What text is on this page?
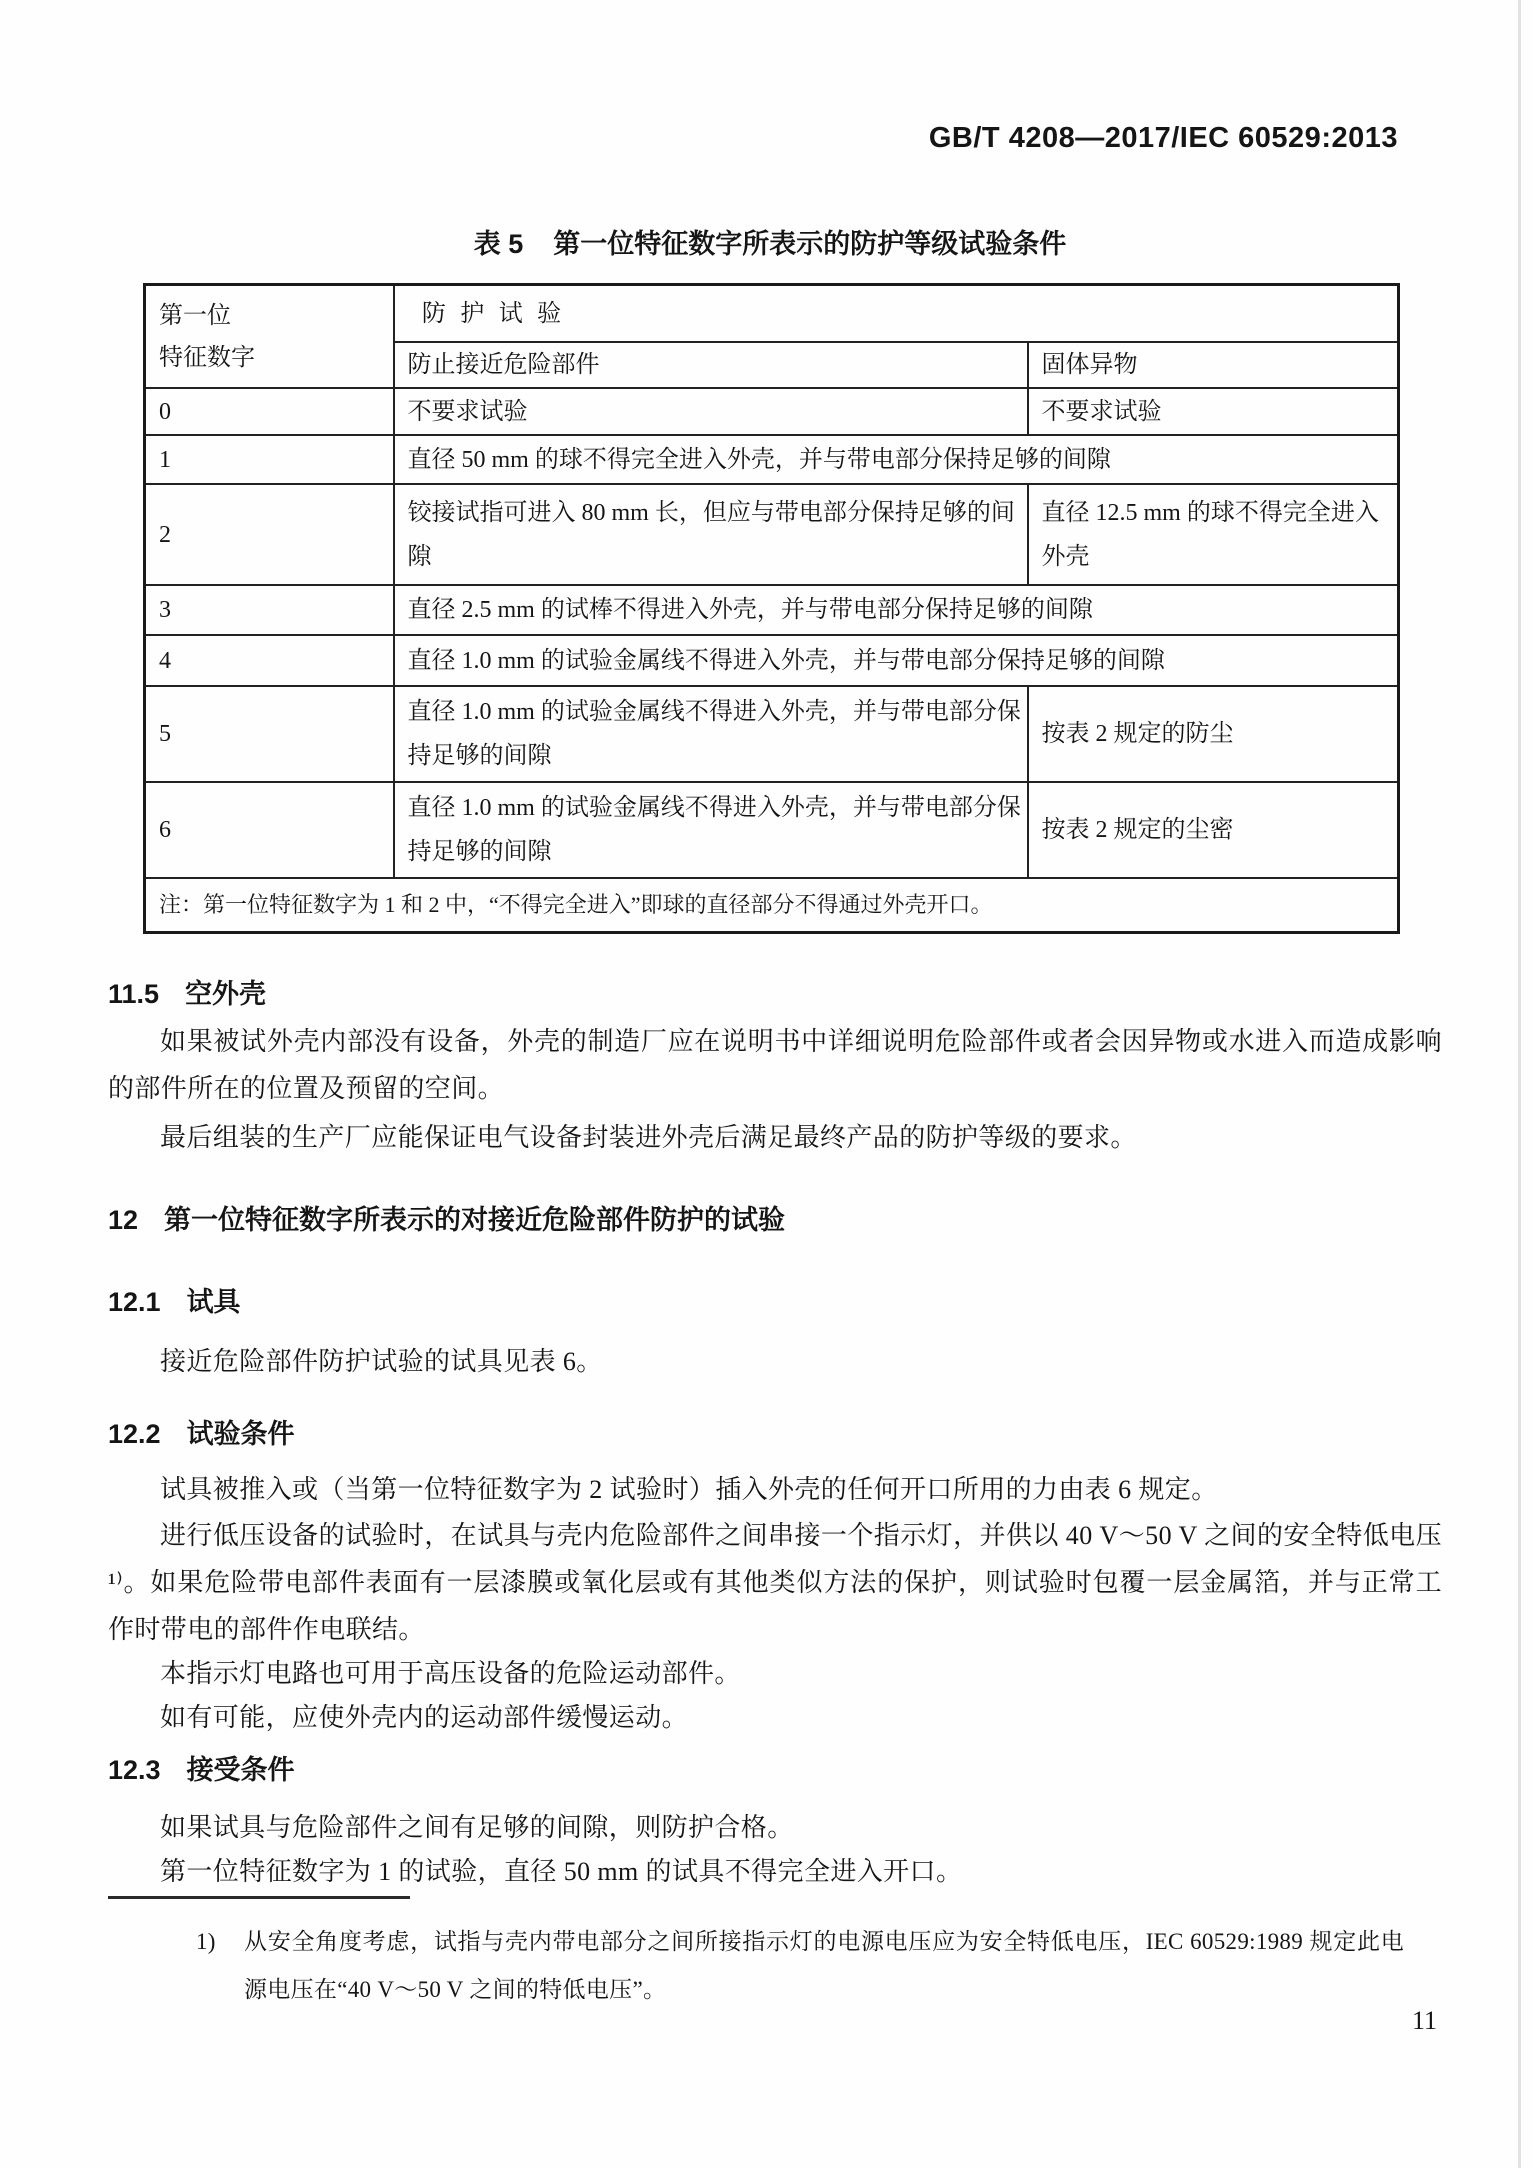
GB/T 4208—2017/IEC 60529:2013
表 5 第一位特征数字所表示的防护等级试验条件
第一位
特征数字	防护试验	
	防止接近危险部件	固体异物
0	不要求试验	不要求试验
1	直径 50 mm 的球不得完全进入外壳，并与带电部分保持足够的间隙	
2	铰接试指可进入 80 mm 长，但应与带电部分保持足够的间隙	直径 12.5 mm 的球不得完全进入外壳
3	直径 2.5 mm 的试棒不得进入外壳，并与带电部分保持足够的间隙	
4	直径 1.0 mm 的试验金属线不得进入外壳，并与带电部分保持足够的间隙	
5	直径 1.0 mm 的试验金属线不得进入外壳，并与带电部分保持足够的间隙	按表 2 规定的防尘
6	直径 1.0 mm 的试验金属线不得进入外壳，并与带电部分保持足够的间隙	按表 2 规定的尘密
注：第一位特征数字为 1 和 2 中，“不得完全进入”即球的直径部分不得通过外壳开口。		
11.5 空外壳
如果被试外壳内部没有设备，外壳的制造厂应在说明书中详细说明危险部件或者会因异物或水进入而造成影响的部件所在的位置及预留的空间。
最后组装的生产厂应能保证电气设备封装进外壳后满足最终产品的防护等级的要求。
12 第一位特征数字所表示的对接近危险部件防护的试验
12.1 试具
接近危险部件防护试验的试具见表 6。
12.2 试验条件
试具被推入或（当第一位特征数字为 2 试验时）插入外壳的任何开口所用的力由表 6 规定。
进行低压设备的试验时，在试具与壳内危险部件之间串接一个指示灯，并供以 40 V～50 V 之间的安全特低电压¹⁾。如果危险带电部件表面有一层漆膜或氧化层或有其他类似方法的保护，则试验时包覆一层金属箔，并与正常工作时带电的部件作电联结。
本指示灯电路也可用于高压设备的危险运动部件。
如有可能，应使外壳内的运动部件缓慢运动。
12.3 接受条件
如果试具与危险部件之间有足够的间隙，则防护合格。
第一位特征数字为 1 的试验，直径 50 mm 的试具不得完全进入开口。
1)	从安全角度考虑，试指与壳内带电部分之间所接指示灯的电源电压应为安全特低电压，IEC 60529:1989 规定此电源电压在“40 V～50 V 之间的特低电压”。
11
